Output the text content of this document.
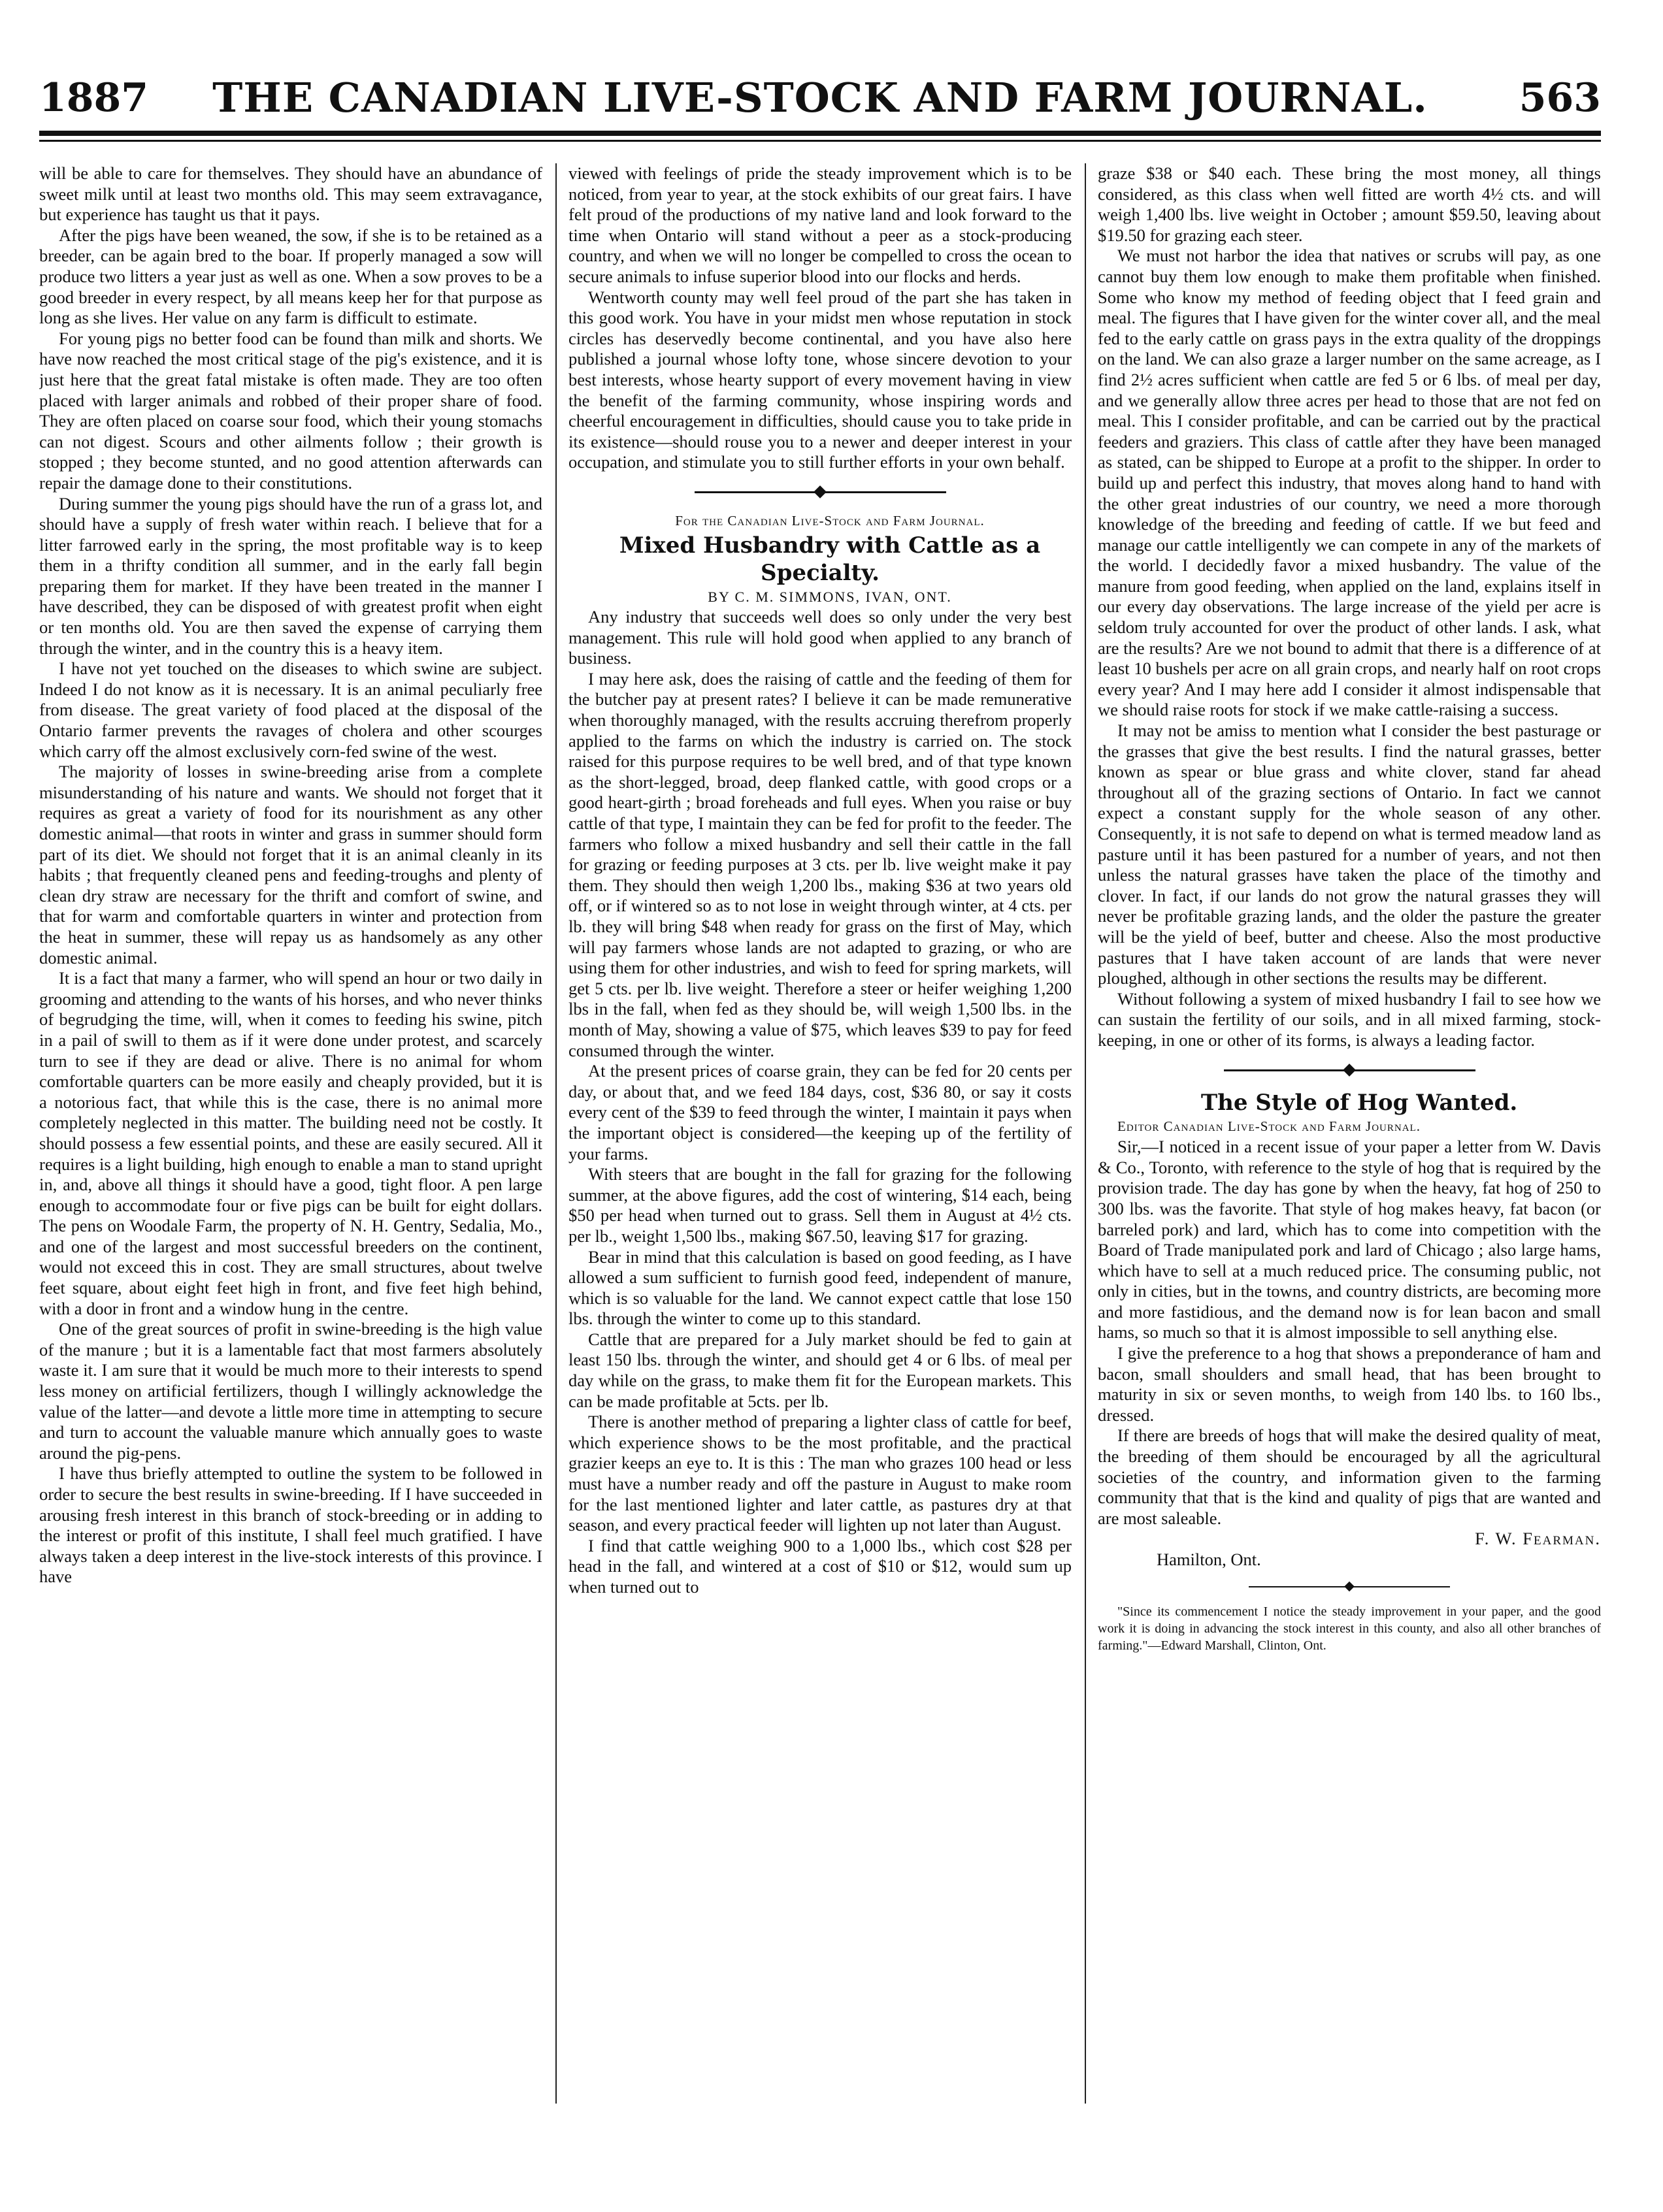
1887	THE CANADIAN LIVE-STOCK AND FARM JOURNAL.	563

will be able to care for themselves. They should have an abundance of sweet milk until at least two months old. This may seem extravagance, but experience has taught us that it pays.

After the pigs have been weaned, the sow, if she is to be retained as a breeder, can be again bred to the boar. If properly managed a sow will produce two litters a year just as well as one. When a sow proves to be a good breeder in every respect, by all means keep her for that purpose as long as she lives. Her value on any farm is difficult to estimate.

For young pigs no better food can be found than milk and shorts. We have now reached the most critical stage of the pig's existence, and it is just here that the great fatal mistake is often made. They are too often placed with larger animals and robbed of their proper share of food. They are often placed on coarse sour food, which their young stomachs can not digest. Scours and other ailments follow ; their growth is stopped ; they become stunted, and no good attention afterwards can repair the damage done to their constitutions.

During summer the young pigs should have the run of a grass lot, and should have a supply of fresh water within reach. I believe that for a litter farrowed early in the spring, the most profitable way is to keep them in a thrifty condition all summer, and in the early fall begin preparing them for market. If they have been treated in the manner I have described, they can be disposed of with greatest profit when eight or ten months old. You are then saved the expense of carrying them through the winter, and in the country this is a heavy item.

I have not yet touched on the diseases to which swine are subject. Indeed I do not know as it is necessary. It is an animal peculiarly free from disease. The great variety of food placed at the disposal of the Ontario farmer prevents the ravages of cholera and other scourges which carry off the almost exclusively corn-fed swine of the west.

The majority of losses in swine-breeding arise from a complete misunderstanding of his nature and wants. We should not forget that it requires as great a variety of food for its nourishment as any other domestic animal—that roots in winter and grass in summer should form part of its diet. We should not forget that it is an animal cleanly in its habits ; that frequently cleaned pens and feeding-troughs and plenty of clean dry straw are necessary for the thrift and comfort of swine, and that for warm and comfortable quarters in winter and protection from the heat in summer, these will repay us as handsomely as any other domestic animal.

It is a fact that many a farmer, who will spend an hour or two daily in grooming and attending to the wants of his horses, and who never thinks of begrudging the time, will, when it comes to feeding his swine, pitch in a pail of swill to them as if it were done under protest, and scarcely turn to see if they are dead or alive. There is no animal for whom comfortable quarters can be more easily and cheaply provided, but it is a notorious fact, that while this is the case, there is no animal more completely neglected in this matter. The building need not be costly. It should possess a few essential points, and these are easily secured. All it requires is a light building, high enough to enable a man to stand upright in, and, above all things it should have a good, tight floor. A pen large enough to accommodate four or five pigs can be built for eight dollars. The pens on Woodale Farm, the property of N. H. Gentry, Sedalia, Mo., and one of the largest and most successful breeders on the continent, would not exceed this in cost. They are small structures, about twelve feet square, about eight feet high in front, and five feet high behind, with a door in front and a window hung in the centre.

One of the great sources of profit in swine-breeding is the high value of the manure ; but it is a lamentable fact that most farmers absolutely waste it. I am sure that it would be much more to their interests to spend less money on artificial fertilizers, though I willingly acknowledge the value of the latter—and devote a little more time in attempting to secure and turn to account the valuable manure which annually goes to waste around the pig-pens.

I have thus briefly attempted to outline the system to be followed in order to secure the best results in swine-breeding. If I have succeeded in arousing fresh interest in this branch of stock-breeding or in adding to the interest or profit of this institute, I shall feel much gratified. I have always taken a deep interest in the live-stock interests of this province. I have

viewed with feelings of pride the steady improvement which is to be noticed, from year to year, at the stock exhibits of our great fairs. I have felt proud of the productions of my native land and look forward to the time when Ontario will stand without a peer as a stock-producing country, and when we will no longer be compelled to cross the ocean to secure animals to infuse superior blood into our flocks and herds.

Wentworth county may well feel proud of the part she has taken in this good work. You have in your midst men whose reputation in stock circles has deservedly become continental, and you have also here published a journal whose lofty tone, whose sincere devotion to your best interests, whose hearty support of every movement having in view the benefit of the farming community, whose inspiring words and cheerful encouragement in difficulties, should cause you to take pride in its existence—should rouse you to a newer and deeper interest in your occupation, and stimulate you to still further efforts in your own behalf.

For the Canadian Live-Stock and Farm Journal.

Mixed Husbandry with Cattle as a Specialty.

BY C. M. SIMMONS, IVAN, ONT.

Any industry that succeeds well does so only under the very best management. This rule will hold good when applied to any branch of business.

I may here ask, does the raising of cattle and the feeding of them for the butcher pay at present rates? I believe it can be made remunerative when thoroughly managed, with the results accruing therefrom properly applied to the farms on which the industry is carried on. The stock raised for this purpose requires to be well bred, and of that type known as the short-legged, broad, deep flanked cattle, with good crops or a good heart-girth ; broad foreheads and full eyes. When you raise or buy cattle of that type, I maintain they can be fed for profit to the feeder. The farmers who follow a mixed husbandry and sell their cattle in the fall for grazing or feeding purposes at 3 cts. per lb. live weight make it pay them. They should then weigh 1,200 lbs., making $36 at two years old off, or if wintered so as to not lose in weight through winter, at 4 cts. per lb. they will bring $48 when ready for grass on the first of May, which will pay farmers whose lands are not adapted to grazing, or who are using them for other industries, and wish to feed for spring markets, will get 5 cts. per lb. live weight. Therefore a steer or heifer weighing 1,200 lbs in the fall, when fed as they should be, will weigh 1,500 lbs. in the month of May, showing a value of $75, which leaves $39 to pay for feed consumed through the winter.

At the present prices of coarse grain, they can be fed for 20 cents per day, or about that, and we feed 184 days, cost, $36 80, or say it costs every cent of the $39 to feed through the winter, I maintain it pays when the important object is considered—the keeping up of the fertility of your farms.

With steers that are bought in the fall for grazing for the following summer, at the above figures, add the cost of wintering, $14 each, being $50 per head when turned out to grass. Sell them in August at 4½ cts. per lb., weight 1,500 lbs., making $67.50, leaving $17 for grazing.

Bear in mind that this calculation is based on good feeding, as I have allowed a sum sufficient to furnish good feed, independent of manure, which is so valuable for the land. We cannot expect cattle that lose 150 lbs. through the winter to come up to this standard.

Cattle that are prepared for a July market should be fed to gain at least 150 lbs. through the winter, and should get 4 or 6 lbs. of meal per day while on the grass, to make them fit for the European markets. This can be made profitable at 5cts. per lb.

There is another method of preparing a lighter class of cattle for beef, which experience shows to be the most profitable, and the practical grazier keeps an eye to. It is this : The man who grazes 100 head or less must have a number ready and off the pasture in August to make room for the last mentioned lighter and later cattle, as pastures dry at that season, and every practical feeder will lighten up not later than August.

I find that cattle weighing 900 to a 1,000 lbs., which cost $28 per head in the fall, and wintered at a cost of $10 or $12, would sum up when turned out to

graze $38 or $40 each. These bring the most money, all things considered, as this class when well fitted are worth 4½ cts. and will weigh 1,400 lbs. live weight in October ; amount $59.50, leaving about $19.50 for grazing each steer.

We must not harbor the idea that natives or scrubs will pay, as one cannot buy them low enough to make them profitable when finished. Some who know my method of feeding object that I feed grain and meal. The figures that I have given for the winter cover all, and the meal fed to the early cattle on grass pays in the extra quality of the droppings on the land. We can also graze a larger number on the same acreage, as I find 2½ acres sufficient when cattle are fed 5 or 6 lbs. of meal per day, and we generally allow three acres per head to those that are not fed on meal. This I consider profitable, and can be carried out by the practical feeders and graziers. This class of cattle after they have been managed as stated, can be shipped to Europe at a profit to the shipper. In order to build up and perfect this industry, that moves along hand to hand with the other great industries of our country, we need a more thorough knowledge of the breeding and feeding of cattle. If we but feed and manage our cattle intelligently we can compete in any of the markets of the world. I decidedly favor a mixed husbandry. The value of the manure from good feeding, when applied on the land, explains itself in our every day observations. The large increase of the yield per acre is seldom truly accounted for over the product of other lands. I ask, what are the results? Are we not bound to admit that there is a difference of at least 10 bushels per acre on all grain crops, and nearly half on root crops every year? And I may here add I consider it almost indispensable that we should raise roots for stock if we make cattle-raising a success.

It may not be amiss to mention what I consider the best pasturage or the grasses that give the best results. I find the natural grasses, better known as spear or blue grass and white clover, stand far ahead throughout all of the grazing sections of Ontario. In fact we cannot expect a constant supply for the whole season of any other. Consequently, it is not safe to depend on what is termed meadow land as pasture until it has been pastured for a number of years, and not then unless the natural grasses have taken the place of the timothy and clover. In fact, if our lands do not grow the natural grasses they will never be profitable grazing lands, and the older the pasture the greater will be the yield of beef, butter and cheese. Also the most productive pastures that I have taken account of are lands that were never ploughed, although in other sections the results may be different.

Without following a system of mixed husbandry I fail to see how we can sustain the fertility of our soils, and in all mixed farming, stock-keeping, in one or other of its forms, is always a leading factor.

The Style of Hog Wanted.

Editor Canadian Live-Stock and Farm Journal.

Sir,—I noticed in a recent issue of your paper a letter from W. Davis & Co., Toronto, with reference to the style of hog that is required by the provision trade. The day has gone by when the heavy, fat hog of 250 to 300 lbs. was the favorite. That style of hog makes heavy, fat bacon (or barreled pork) and lard, which has to come into competition with the Board of Trade manipulated pork and lard of Chicago ; also large hams, which have to sell at a much reduced price. The consuming public, not only in cities, but in the towns, and country districts, are becoming more and more fastidious, and the demand now is for lean bacon and small hams, so much so that it is almost impossible to sell anything else.

I give the preference to a hog that shows a preponderance of ham and bacon, small shoulders and small head, that has been brought to maturity in six or seven months, to weigh from 140 lbs. to 160 lbs., dressed.

If there are breeds of hogs that will make the desired quality of meat, the breeding of them should be encouraged by all the agricultural societies of the country, and information given to the farming community that that is the kind and quality of pigs that are wanted and are most saleable.

F. W. Fearman.

Hamilton, Ont.

"Since its commencement I notice the steady improvement in your paper, and the good work it is doing in advancing the stock interest in this county, and also all other branches of farming."—Edward Marshall, Clinton, Ont.
